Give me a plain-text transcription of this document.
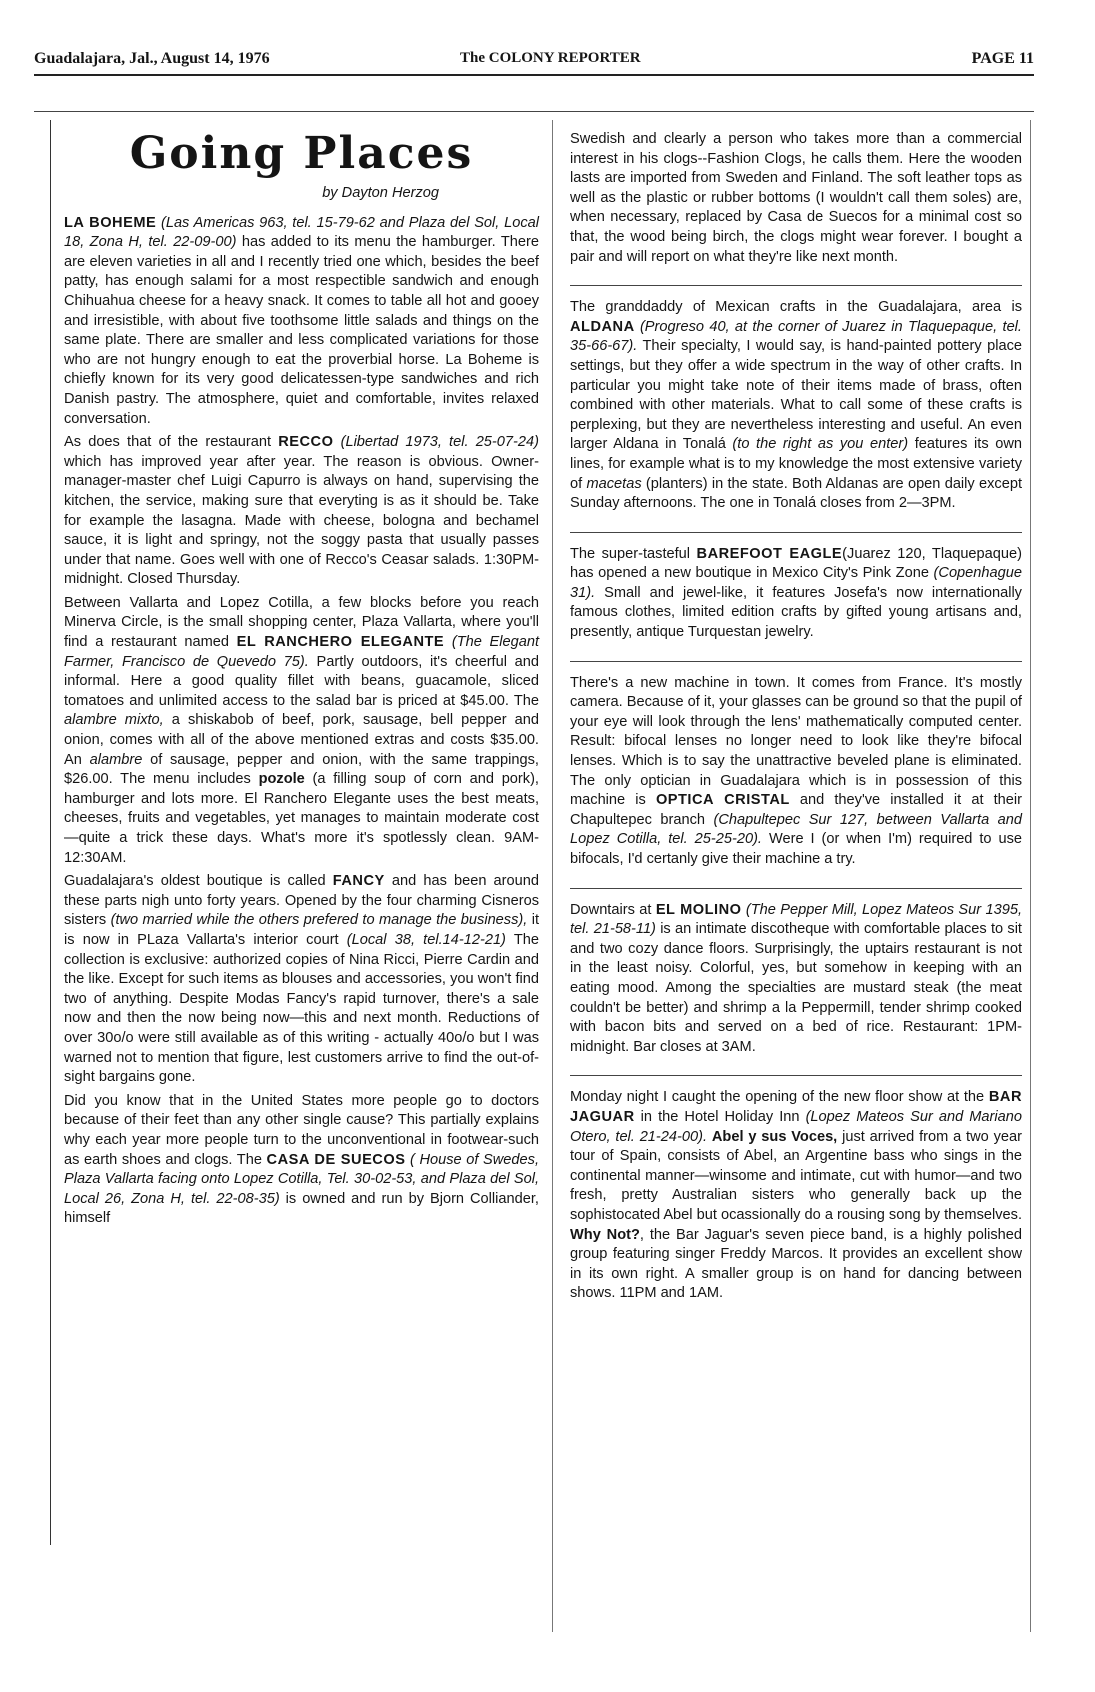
Guadalajara, Jal., August 14, 1976	The COLONY REPORTER	PAGE 11
Going Places
by Dayton Herzog

LA BOHEME (Las Americas 963, tel. 15-79-62 and Plaza del Sol, Local 18, Zona H, tel. 22-09-00) has added to its menu the hamburger. There are eleven varieties in all and I recently tried one which, besides the beef patty, has enough salami for a most respectible sandwich and enough Chihuahua cheese for a heavy snack. It comes to table all hot and gooey and irresistible, with about five toothsome little salads and things on the same plate. There are smaller and less complicated variations for those who are not hungry enough to eat the proverbial horse. La Boheme is chiefly known for its very good delicatessen-type sandwiches and rich Danish pastry. The atmosphere, quiet and comfortable, invites relaxed conversation.

As does that of the restaurant RECCO (Libertad 1973, tel. 25-07-24) which has improved year after year. The reason is obvious. Owner-manager-master chef Luigi Capurro is always on hand, supervising the kitchen, the service, making sure that everyting is as it should be. Take for example the lasagna. Made with cheese, bologna and bechamel sauce, it is light and springy, not the soggy pasta that usually passes under that name. Goes well with one of Recco's Ceasar salads. 1:30PM-midnight. Closed Thursday.

Between Vallarta and Lopez Cotilla, a few blocks before you reach Minerva Circle, is the small shopping center, Plaza Vallarta, where you'll find a restaurant named EL RANCHERO ELEGANTE (The Elegant Farmer, Francisco de Quevedo 75). Partly outdoors, it's cheerful and informal. Here a good quality fillet with beans, guacamole, sliced tomatoes and unlimited access to the salad bar is priced at $45.00. The alambre mixto, a shiskabob of beef, pork, sausage, bell pepper and onion, comes with all of the above mentioned extras and costs $35.00. An alambre of sausage, pepper and onion, with the same trappings, $26.00. The menu includes pozole (a filling soup of corn and pork), hamburger and lots more. El Ranchero Elegante uses the best meats, cheeses, fruits and vegetables, yet manages to maintain moderate cost—quite a trick these days. What's more it's spotlessly clean. 9AM-12:30AM.

Guadalajara's oldest boutique is called FANCY and has been around these parts nigh unto forty years. Opened by the four charming Cisneros sisters (two married while the others prefered to manage the business), it is now in PLaza Vallarta's interior court (Local 38, tel.14-12-21) The collection is exclusive: authorized copies of Nina Ricci, Pierre Cardin and the like. Except for such items as blouses and accessories, you won't find two of anything. Despite Modas Fancy's rapid turnover, there's a sale now and then the now being now—this and next month. Reductions of over 30o/o were still available as of this writing - actually 40o/o but I was warned not to mention that figure, lest customers arrive to find the out-of-sight bargains gone.

Did you know that in the United States more people go to doctors because of their feet than any other single cause? This partially explains why each year more people turn to the unconventional in footwear-such as earth shoes and clogs. The CASA DE SUECOS ( House of Swedes, Plaza Vallarta facing onto Lopez Cotilla, Tel. 30-02-53, and Plaza del Sol, Local 26, Zona H, tel. 22-08-35) is owned and run by Bjorn Colliander, himself

Swedish and clearly a person who takes more than a commercial interest in his clogs--Fashion Clogs, he calls them. Here the wooden lasts are imported from Sweden and Finland. The soft leather tops as well as the plastic or rubber bottoms (I wouldn't call them soles) are, when necessary, replaced by Casa de Suecos for a minimal cost so that, the wood being birch, the clogs might wear forever. I bought a pair and will report on what they're like next month.

The granddaddy of Mexican crafts in the Guadalajara, area is ALDANA (Progreso 40, at the corner of Juarez in Tlaquepaque, tel. 35-66-67). Their specialty, I would say, is hand-painted pottery place settings, but they offer a wide spectrum in the way of other crafts. In particular you might take note of their items made of brass, often combined with other materials. What to call some of these crafts is perplexing, but they are nevertheless interesting and useful. An even larger Aldana in Tonalá (to the right as you enter) features its own lines, for example what is to my knowledge the most extensive variety of macetas (planters) in the state. Both Aldanas are open daily except Sunday afternoons. The one in Tonalá closes from 2—3PM.

The super-tasteful BAREFOOT EAGLE(Juarez 120, Tlaquepaque) has opened a new boutique in Mexico City's Pink Zone (Copenhague 31). Small and jewel-like, it features Josefa's now internationally famous clothes, limited edition crafts by gifted young artisans and, presently, antique Turquestan jewelry.

There's a new machine in town. It comes from France. It's mostly camera. Because of it, your glasses can be ground so that the pupil of your eye will look through the lens' mathematically computed center. Result: bifocal lenses no longer need to look like they're bifocal lenses. Which is to say the unattractive beveled plane is eliminated. The only optician in Guadalajara which is in possession of this machine is OPTICA CRISTAL and they've installed it at their Chapultepec branch (Chapultepec Sur 127, between Vallarta and Lopez Cotilla, tel. 25-25-20). Were I (or when I'm) required to use bifocals, I'd certanly give their machine a try.

Downtairs at EL MOLINO (The Pepper Mill, Lopez Mateos Sur 1395, tel. 21-58-11) is an intimate discotheque with comfortable places to sit and two cozy dance floors. Surprisingly, the uptairs restaurant is not in the least noisy. Colorful, yes, but somehow in keeping with an eating mood. Among the specialties are mustard steak (the meat couldn't be better) and shrimp a la Peppermill, tender shrimp cooked with bacon bits and served on a bed of rice. Restaurant: 1PM-midnight. Bar closes at 3AM.

Monday night I caught the opening of the new floor show at the BAR JAGUAR in the Hotel Holiday Inn (Lopez Mateos Sur and Mariano Otero, tel. 21-24-00). Abel y sus Voces, just arrived from a two year tour of Spain, consists of Abel, an Argentine bass who sings in the continental manner—winsome and intimate, cut with humor—and two fresh, pretty Australian sisters who generally back up the sophistocated Abel but ocassionally do a rousing song by themselves. Why Not?, the Bar Jaguar's seven piece band, is a highly polished group featuring singer Freddy Marcos. It provides an excellent show in its own right. A smaller group is on hand for dancing between shows. 11PM and 1AM.
